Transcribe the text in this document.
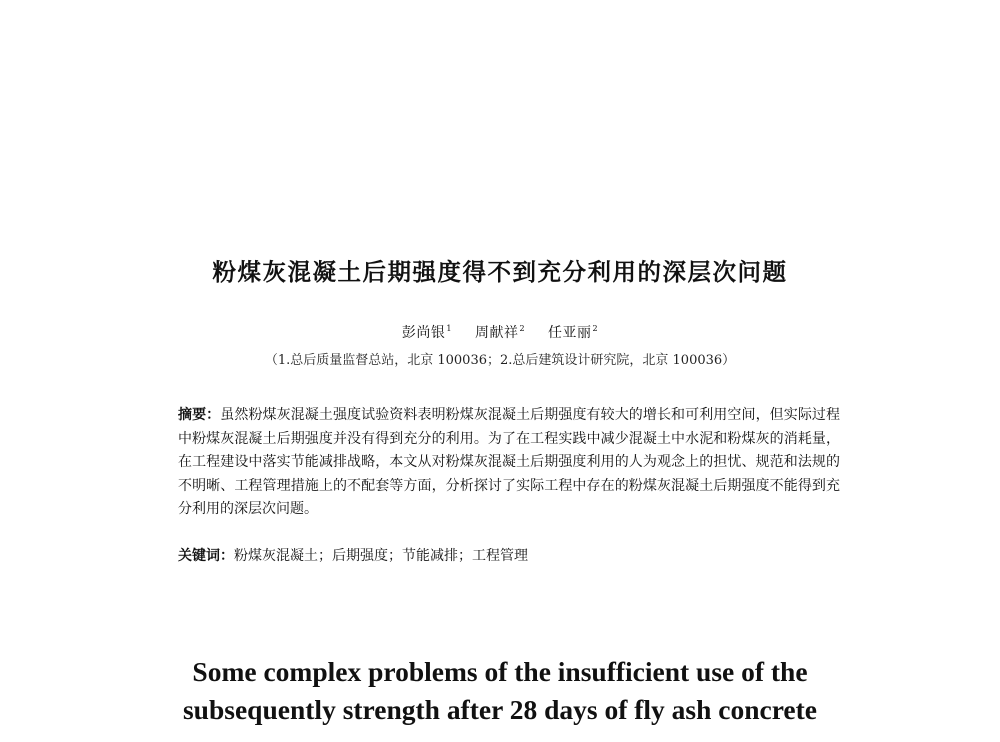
粉煤灰混凝土后期强度得不到充分利用的深层次问题
彭尚银$^1$ 周献祥$^2$ 任亚丽$^2$
（1.总后质量监督总站，北京 100036；2.总后建筑设计研究院，北京 100036）
摘要：虽然粉煤灰混凝土强度试验资料表明粉煤灰混凝土后期强度有较大的增长和可利用空间，但实际过程中粉煤灰混凝土后期强度并没有得到充分的利用。为了在工程实践中减少混凝土中水泥和粉煤灰的消耗量，在工程建设中落实节能减排战略，本文从对粉煤灰混凝土后期强度利用的人为观念上的担忧、规范和法规的不明晰、工程管理措施上的不配套等方面，分析探讨了实际工程中存在的粉煤灰混凝土后期强度不能得到充分利用的深层次问题。
关键词：粉煤灰混凝土；后期强度；节能减排；工程管理
Some complex problems of the insufficient use of the
subsequently strength after 28 days of fly ash concrete
